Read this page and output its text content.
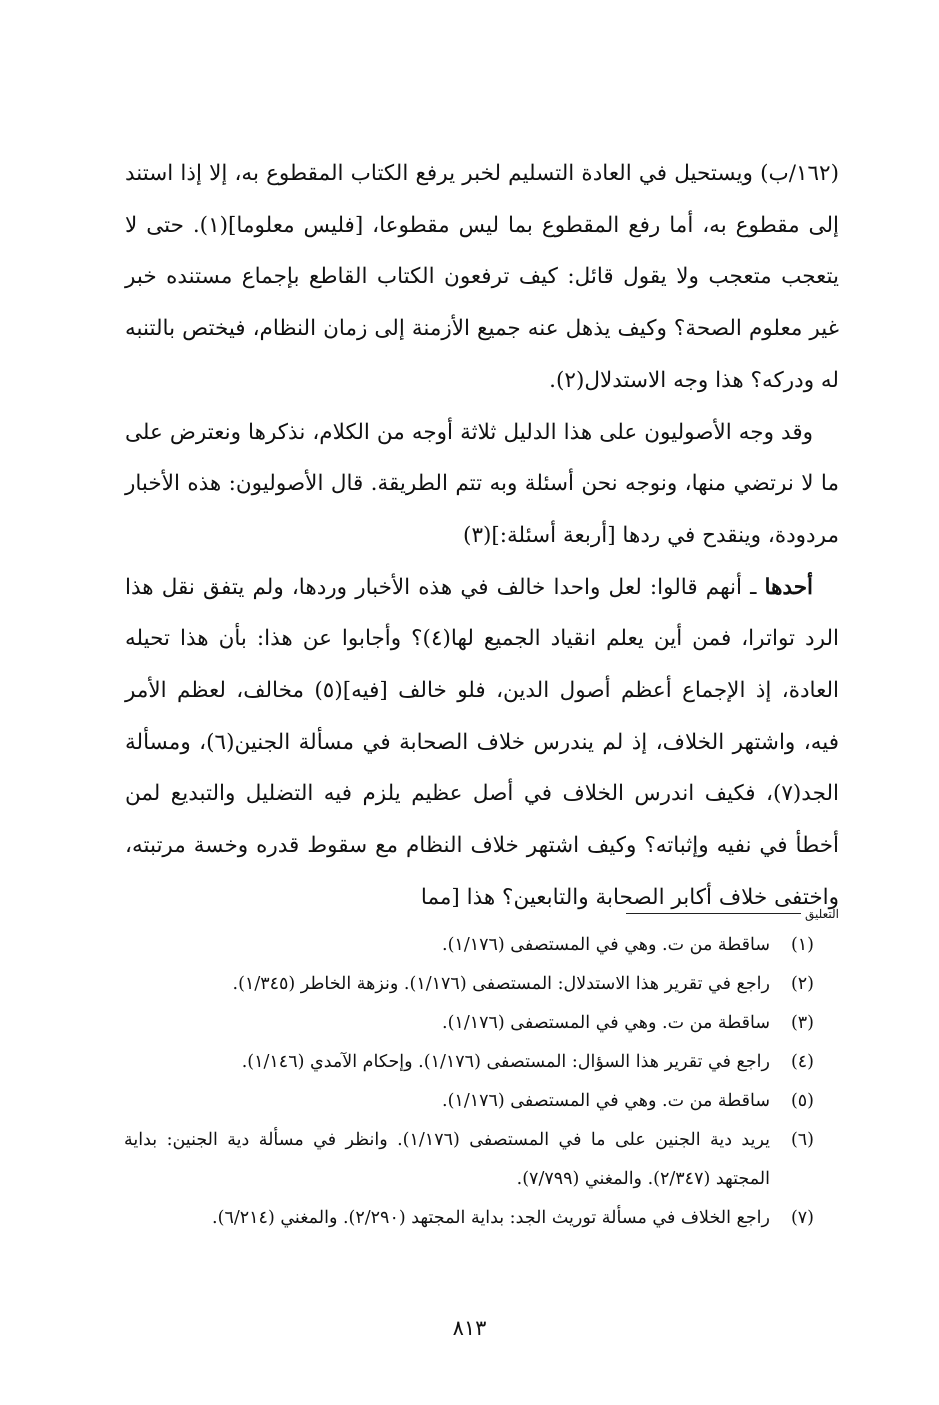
(١٦٢/ب) ويستحيل في العادة التسليم لخبر يرفع الكتاب المقطوع به، إلا إذا استند إلى مقطوع به، أما رفع المقطوع بما ليس مقطوعا، [فليس معلوما](١). حتى لا يتعجب متعجب ولا يقول قائل: كيف ترفعون الكتاب القاطع بإجماع مستنده خبر غير معلوم الصحة؟ وكيف يذهل عنه جميع الأزمنة إلى زمان النظام، فيختص بالتنبه له ودركه؟ هذا وجه الاستدلال(٢).

وقد وجه الأصوليون على هذا الدليل ثلاثة أوجه من الكلام، نذكرها ونعترض على ما لا نرتضي منها، ونوجه نحن أسئلة وبه تتم الطريقة. قال الأصوليون: هذه الأخبار مردودة، وينقدح في ردها [أربعة أسئلة:](٣)

أحدها ـ أنهم قالوا: لعل واحدا خالف في هذه الأخبار وردها، ولم يتفق نقل هذا الرد تواترا، فمن أين يعلم انقياد الجميع لها(٤)؟ وأجابوا عن هذا: بأن هذا تحيله العادة، إذ الإجماع أعظم أصول الدين، فلو خالف [فيه](٥) مخالف، لعظم الأمر فيه، واشتهر الخلاف، إذ لم يندرس خلاف الصحابة في مسألة الجنين(٦)، ومسألة الجد(٧)، فكيف اندرس الخلاف في أصل عظيم يلزم فيه التضليل والتبديع لمن أخطأ في نفيه وإثباته؟ وكيف اشتهر خلاف النظام مع سقوط قدره وخسة مرتبته، واختفى خلاف أكابر الصحابة والتابعين؟ هذا [مما

التعليق
(١)
ساقطة من ت. وهي في المستصفى (١/١٧٦).
(٢)
راجع في تقرير هذا الاستدلال: المستصفى (١/١٧٦). ونزهة الخاطر (١/٣٤٥).
(٣)
ساقطة من ت. وهي في المستصفى (١/١٧٦).
(٤)
راجع في تقرير هذا السؤال: المستصفى (١/١٧٦). وإحكام الآمدي (١/١٤٦).
(٥)
ساقطة من ت. وهي في المستصفى (١/١٧٦).
(٦)
يريد دية الجنين على ما في المستصفى (١/١٧٦). وانظر في مسألة دية الجنين: بداية المجتهد (٢/٣٤٧). والمغني (٧/٧٩٩).
(٧)
راجع الخلاف في مسألة توريث الجد: بداية المجتهد (٢/٢٩٠). والمغني (٦/٢١٤).
٨١٣
